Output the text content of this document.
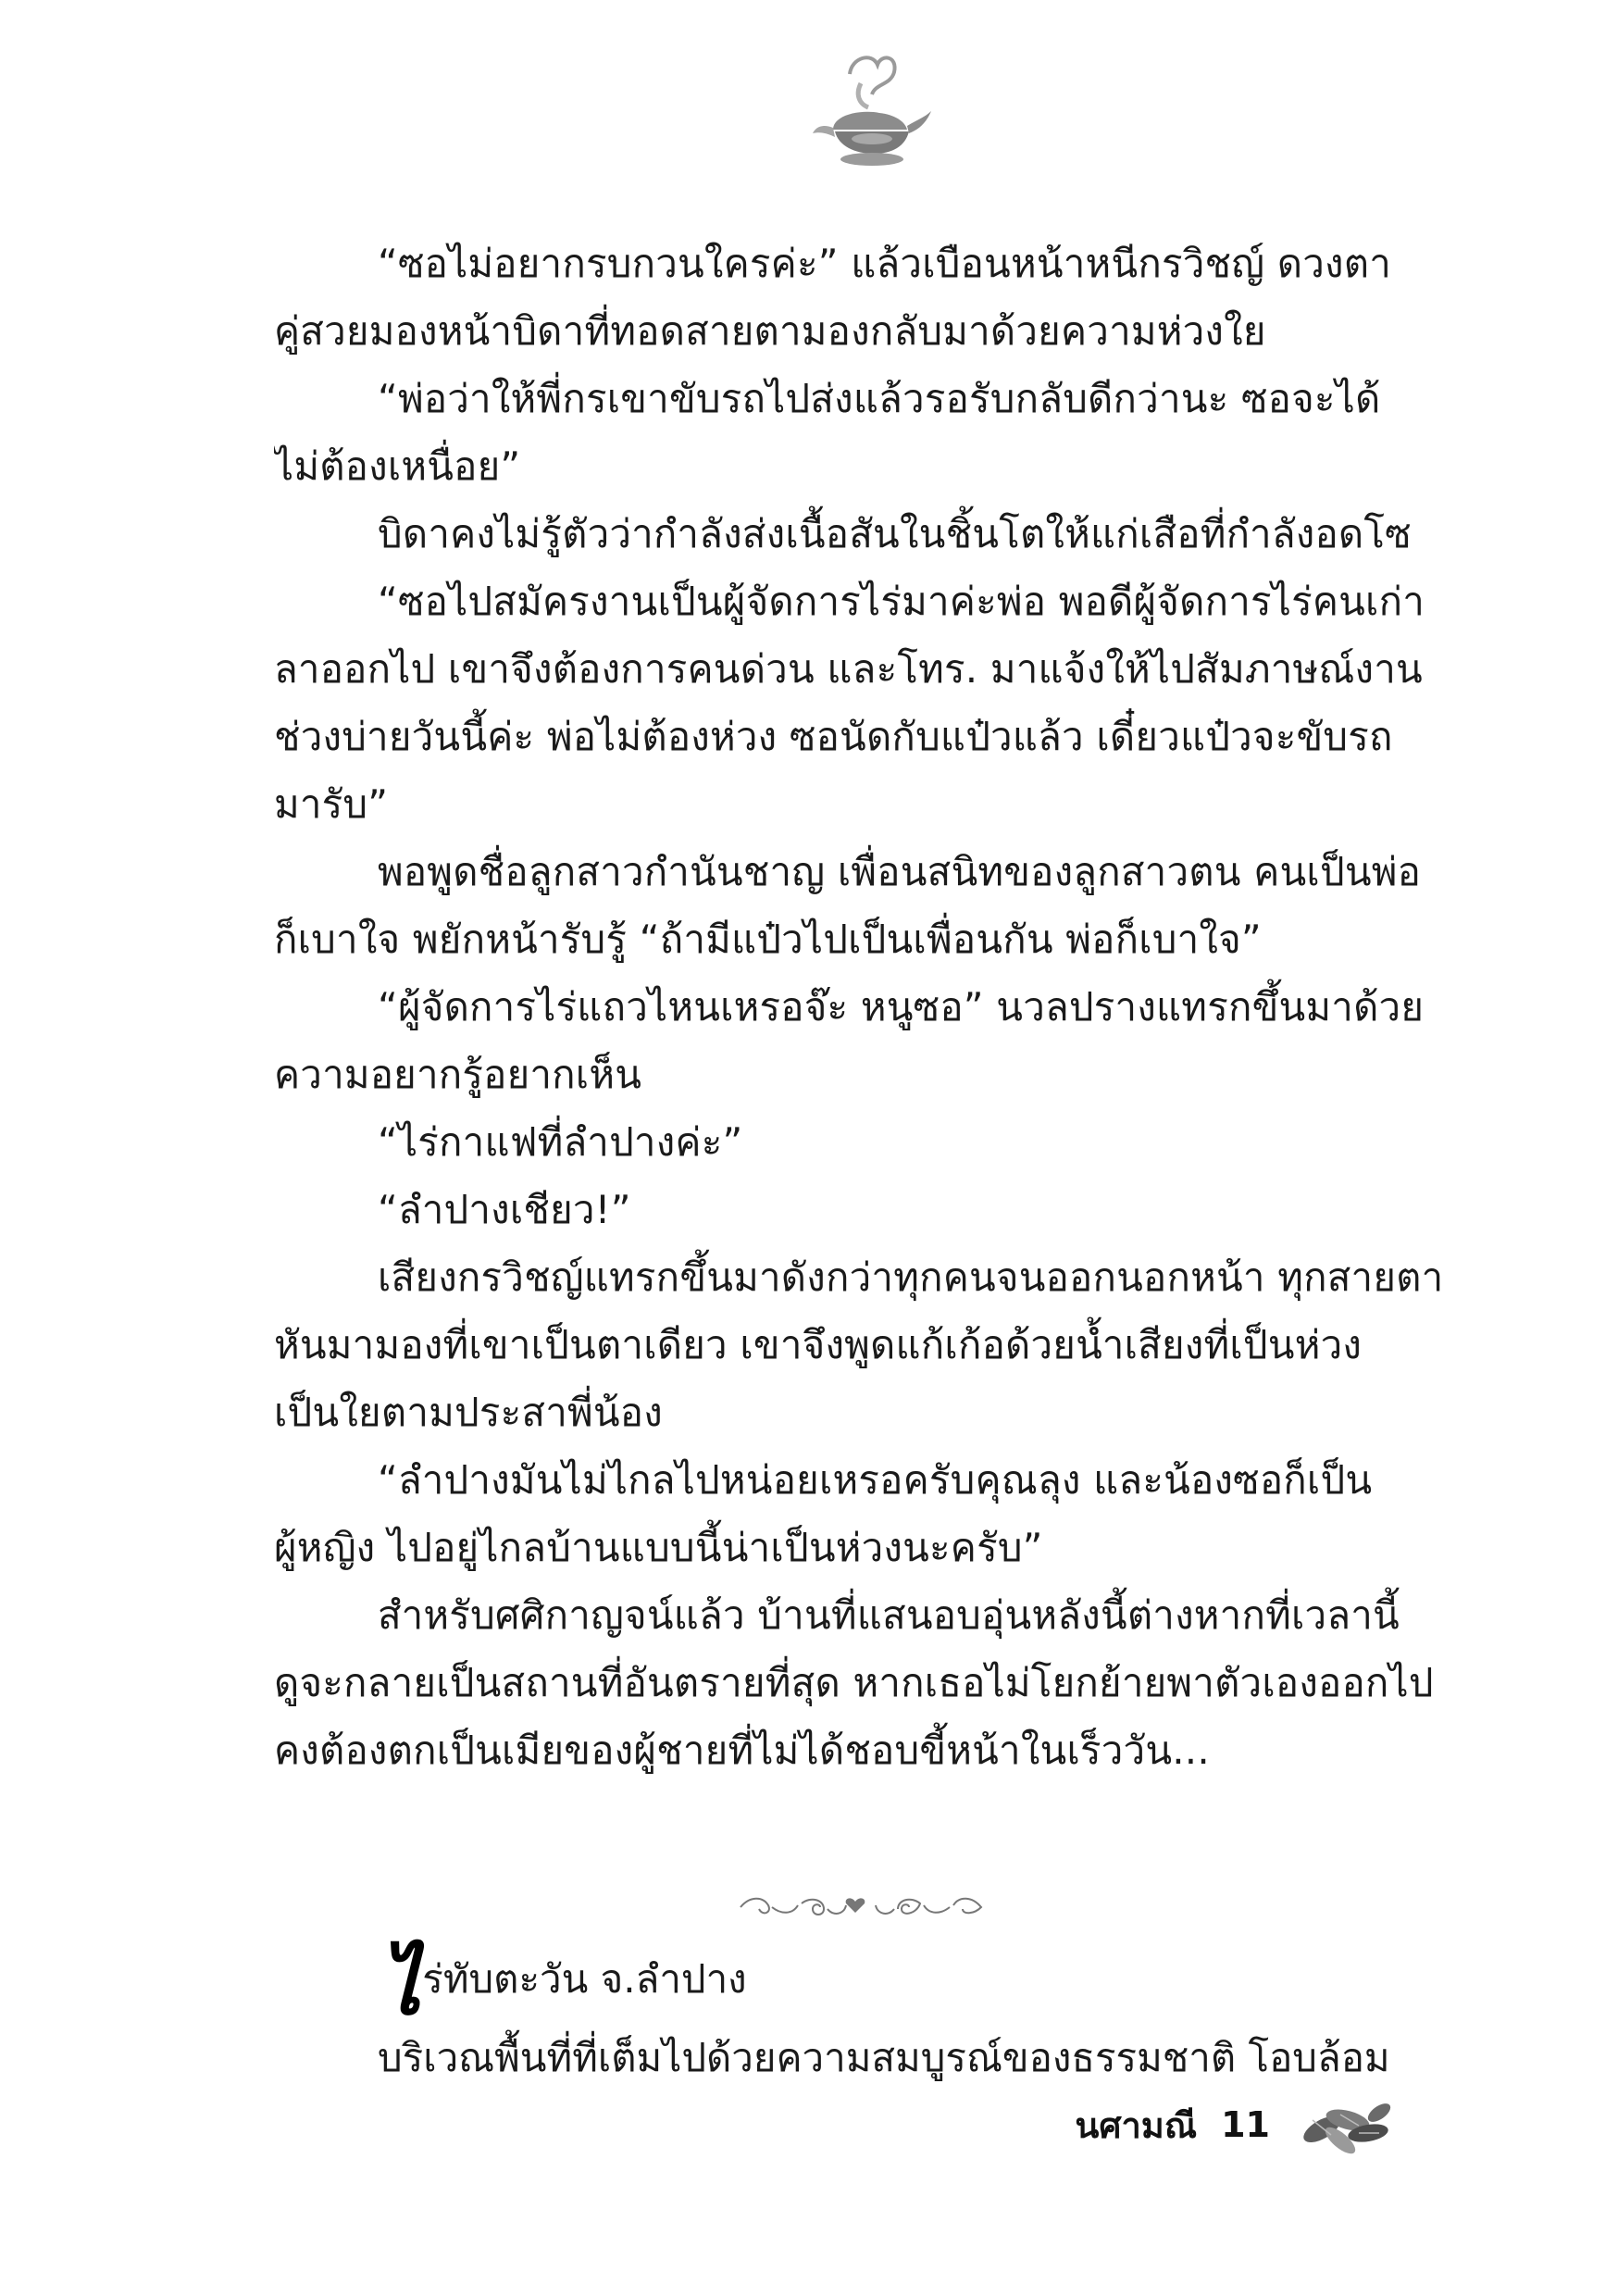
“ซอไม่อยากรบกวนใครค่ะ” แล้วเบือนหน้าหนีกรวิชญ์ ดวงตา
คู่สวยมองหน้าบิดาที่ทอดสายตามองกลับมาด้วยความห่วงใย
“พ่อว่าให้พี่กรเขาขับรถไปส่งแล้วรอรับกลับดีกว่านะ ซอจะได้
ไม่ต้องเหนื่อย”
บิดาคงไม่รู้ตัวว่ากำลังส่งเนื้อสันในชิ้นโตให้แก่เสือที่กำลังอดโซ
“ซอไปสมัครงานเป็นผู้จัดการไร่มาค่ะพ่อ พอดีผู้จัดการไร่คนเก่า
ลาออกไป เขาจึงต้องการคนด่วน และโทร. มาแจ้งให้ไปสัมภาษณ์งาน
ช่วงบ่ายวันนี้ค่ะ พ่อไม่ต้องห่วง ซอนัดกับแป๋วแล้ว เดี๋ยวแป๋วจะขับรถ
มารับ”
พอพูดชื่อลูกสาวกำนันชาญ เพื่อนสนิทของลูกสาวตน คนเป็นพ่อ
ก็เบาใจ พยักหน้ารับรู้ “ถ้ามีแป๋วไปเป็นเพื่อนกัน พ่อก็เบาใจ”
“ผู้จัดการไร่แถวไหนเหรอจ๊ะ หนูซอ” นวลปรางแทรกขึ้นมาด้วย
ความอยากรู้อยากเห็น
“ไร่กาแฟที่ลำปางค่ะ”
“ลำปางเชียว!”
เสียงกรวิชญ์แทรกขึ้นมาดังกว่าทุกคนจนออกนอกหน้า ทุกสายตา
หันมามองที่เขาเป็นตาเดียว เขาจึงพูดแก้เก้อด้วยน้ำเสียงที่เป็นห่วง
เป็นใยตามประสาพี่น้อง
“ลำปางมันไม่ไกลไปหน่อยเหรอครับคุณลุง และน้องซอก็เป็น
ผู้หญิง ไปอยู่ไกลบ้านแบบนี้น่าเป็นห่วงนะครับ”
สำหรับศศิกาญจน์แล้ว บ้านที่แสนอบอุ่นหลังนี้ต่างหากที่เวลานี้
ดูจะกลายเป็นสถานที่อันตรายที่สุด หากเธอไม่โยกย้ายพาตัวเองออกไป
คงต้องตกเป็นเมียของผู้ชายที่ไม่ได้ชอบขี้หน้าในเร็ววัน...
ไร่ทับตะวัน จ.ลำปาง
บริเวณพื้นที่ที่เต็มไปด้วยความสมบูรณ์ของธรรมชาติ โอบล้อม
นศามณี 11
